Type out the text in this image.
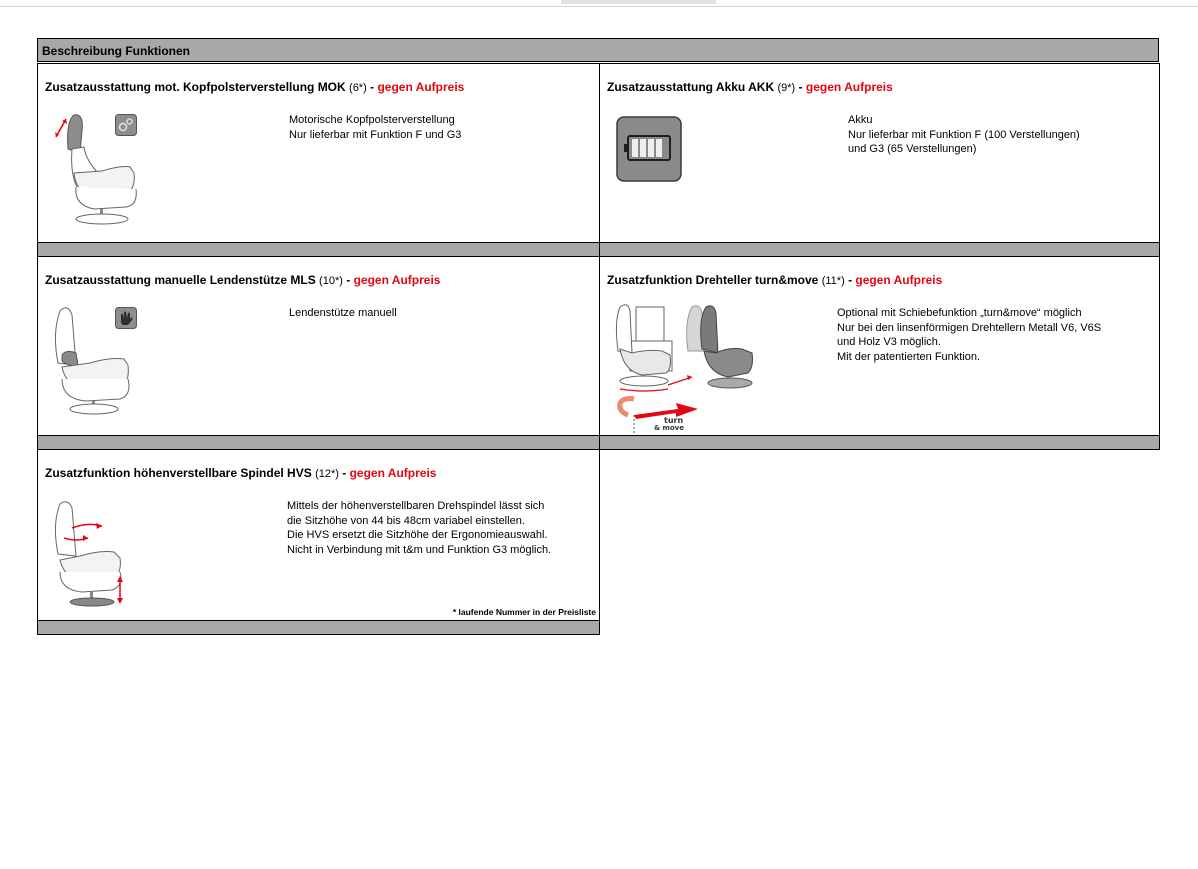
Beschreibung Funktionen
Zusatzausstattung mot. Kopfpolsterverstellung MOK (6*) - gegen Aufpreis
Motorische Kopfpolsterverstellung
Nur lieferbar mit Funktion F und G3
Zusatzausstattung Akku AKK (9*) - gegen Aufpreis
Akku
Nur lieferbar mit Funktion F (100 Verstellungen)
und G3 (65 Verstellungen)
Zusatzausstattung manuelle Lendenstütze MLS (10*) - gegen Aufpreis
Lendenstütze manuell
Zusatzfunktion Drehteller turn&move (11*) - gegen Aufpreis
turn
& move
Optional mit Schiebefunktion „turn&move“ möglich
Nur bei den linsenförmigen Drehtellern Metall V6, V6S
und Holz V3 möglich.
Mit der patentierten Funktion.
Zusatzfunktion höhenverstellbare Spindel HVS (12*) - gegen Aufpreis
Mittels der höhenverstellbaren Drehspindel lässt sich
die Sitzhöhe von 44 bis 48cm variabel einstellen.
Die HVS ersetzt die Sitzhöhe der Ergonomieauswahl.
Nicht in Verbindung mit t&m und Funktion G3 möglich.
* laufende Nummer in der Preisliste
